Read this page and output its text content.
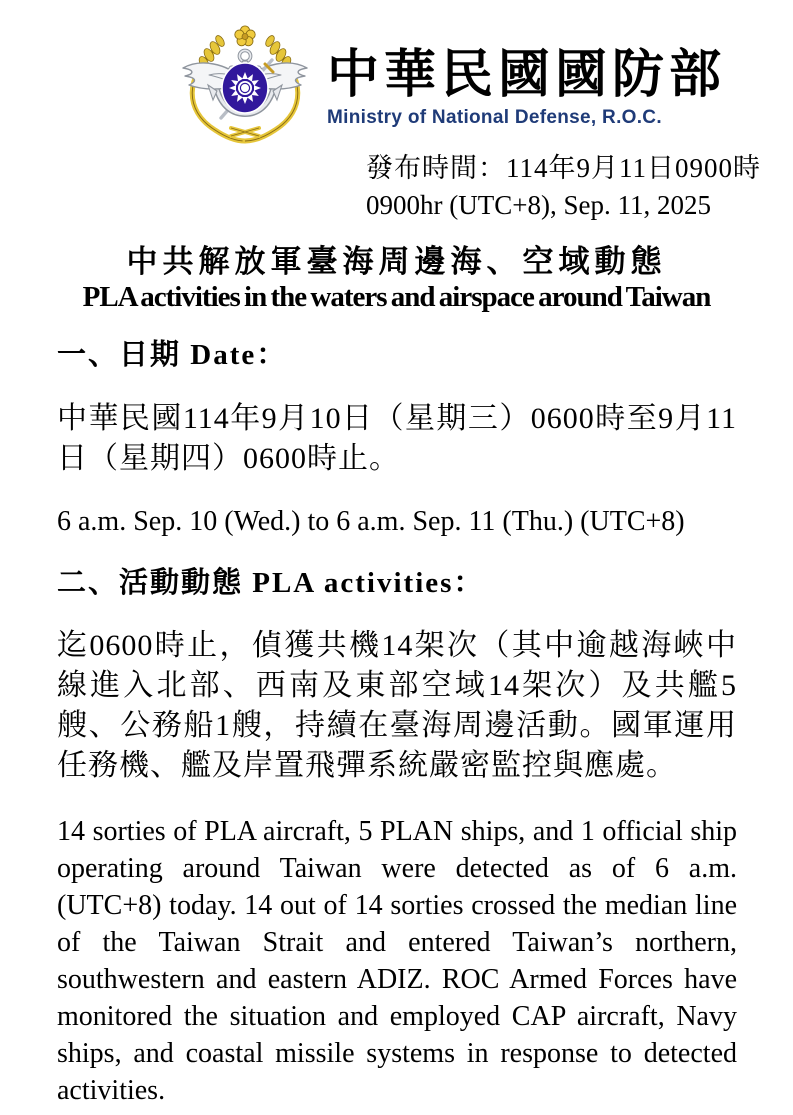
中華民國國防部
Ministry of National Defense, R.O.C.
發布時間：114年9月11日0900時
0900hr (UTC+8), Sep. 11, 2025
中共解放軍臺海周邊海、空域動態
PLA activities in the waters and airspace around Taiwan
一、日期 Date：
中華民國114年9月10日（星期三）0600時至9月11日（星期四）0600時止。
6 a.m. Sep. 10 (Wed.) to 6 a.m. Sep. 11 (Thu.) (UTC+8)
二、活動動態 PLA activities：
迄0600時止，偵獲共機14架次（其中逾越海峽中線進入北部、西南及東部空域14架次）及共艦5艘、公務船1艘，持續在臺海周邊活動。國軍運用任務機、艦及岸置飛彈系統嚴密監控與應處。
14 sorties of PLA aircraft, 5 PLAN ships, and 1 official ship operating around Taiwan were detected as of 6 a.m. (UTC+8) today. 14 out of 14 sorties crossed the median line of the Taiwan Strait and entered Taiwan’s northern, southwestern and eastern ADIZ. ROC Armed Forces have monitored the situation and employed CAP aircraft, Navy ships, and coastal missile systems in response to detected activities.
